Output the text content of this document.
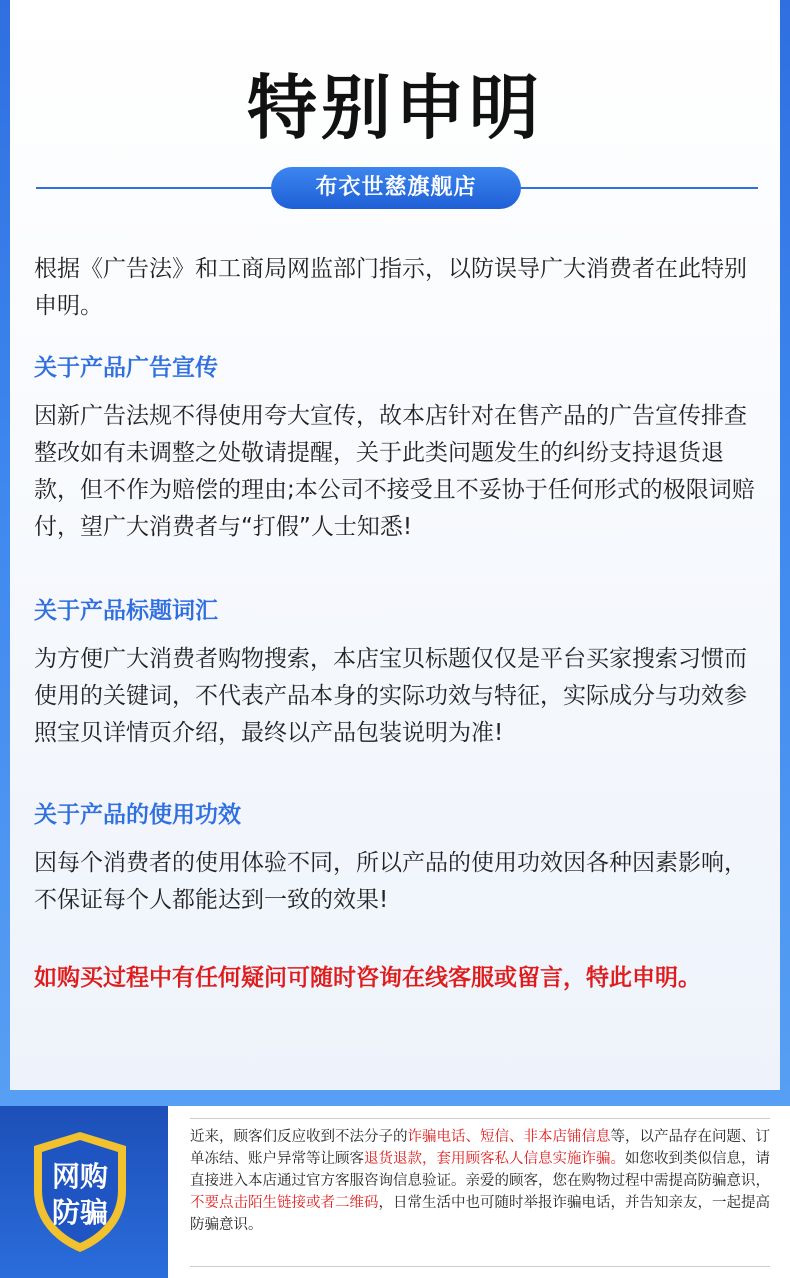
特别申明
布衣世慈旗舰店
根据《广告法》和工商局网监部门指示，以防误导广大消费者在此特别申明。
关于产品广告宣传
因新广告法规不得使用夸大宣传，故本店针对在售产品的广告宣传排查整改如有未调整之处敬请提醒，关于此类问题发生的纠纷支持退货退款，但不作为赔偿的理由;本公司不接受且不妥协于任何形式的极限词赔付，望广大消费者与“打假”人士知悉!
关于产品标题词汇
为方便广大消费者购物搜索，本店宝贝标题仅仅是平台买家搜索习惯而使用的关键词，不代表产品本身的实际功效与特征，实际成分与功效参照宝贝详情页介绍，最终以产品包装说明为准!
关于产品的使用功效
因每个消费者的使用体验不同，所以产品的使用功效因各种因素影响，不保证每个人都能达到一致的效果!
如购买过程中有任何疑问可随时咨询在线客服或留言，特此申明。
网购
防骗
近来，顾客们反应收到不法分子的诈骗电话、短信、非本店铺信息等，以产品存在问题、订单冻结、账户异常等让顾客退货退款，套用顾客私人信息实施诈骗。如您收到类似信息，请直接进入本店通过官方客服咨询信息验证。亲爱的顾客，您在购物过程中需提高防骗意识，不要点击陌生链接或者二维码，日常生活中也可随时举报诈骗电话，并告知亲友，一起提高防骗意识。
